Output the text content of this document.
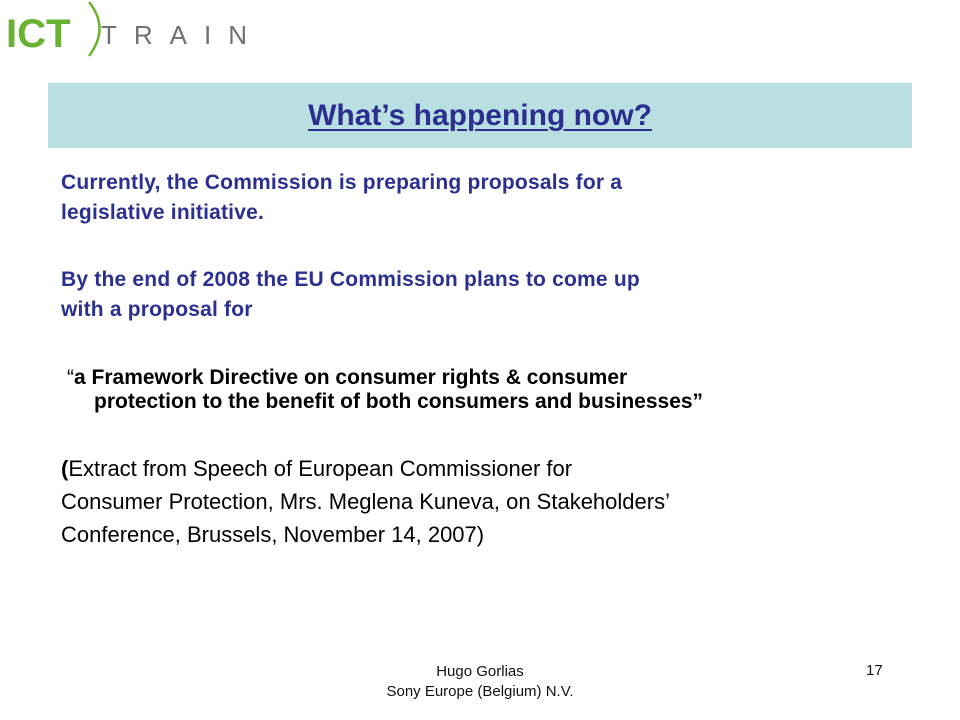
ICT TRAIN
What’s happening now?

Currently, the Commission is preparing proposals for a
legislative initiative.

By the end of 2008 the EU Commission plans to come up
with a proposal for

“a Framework Directive on consumer rights & consumer
protection to the benefit of both consumers and businesses”
(Extract from Speech of European Commissioner for
Consumer Protection, Mrs. Meglena Kuneva, on Stakeholders’
Conference, Brussels, November 14, 2007)
Hugo Gorlias
Sony Europe (Belgium) N.V.
17
